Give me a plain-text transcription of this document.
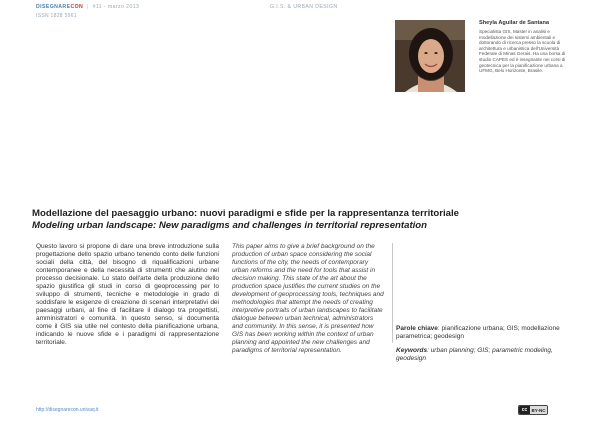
DISEGNARECON | #11 - marzo 2013	G.I.S. & URBAN DESIGN
ISSN 1828 5961
Sheyla Aguilar de Santana
Specialista GIS, Master in analisi e modellazione dei sistemi ambientali e dottorando di ricerca presso la scuola di architettura e urbanistica dell'Università Federale di Minas Gerais. Ha una borsa di studio CAPES ed è insegnante nei corsi di geotecnica per la pianificazione urbana a UFMG, Belo Horizonte, Brasile.
Modellazione del paesaggio urbano: nuovi paradigmi e sfide per la rappresentanza territoriale
Modeling urban landscape: New paradigms and challenges in territorial representation
Questo lavoro si propone di dare una breve introduzione sulla progettazione dello spazio urbano tenendo conto delle funzioni sociali della città, del bisogno di riqualificazioni urbane contemporanee e della necessità di strumenti che aiutino nel processo decisionale. Lo stato dell'arte della produzione dello spazio giustifica gli studi in corso di geoprocessing per lo sviluppo di strumenti, tecniche e metodologie in grado di soddisfare le esigenze di creazione di scenari interpretativi dei paesaggi urbani, al fine di facilitare il dialogo tra progettisti, amministratori e comunità. In questo senso, si documenta come il GIS sia utile nel contesto della pianificazione urbana, indicando le nuove sfide e i paradigmi di rappresentazione territoriale.
This paper aims to give a brief background on the production of urban space considering the social functions of the city, the needs of contemporary urban reforms and the need for tools that assist in decision making. This state of the art about the production space justifies the current studies on the development of geoprocessing tools, techniques and methodologies that attempt the needs of creating interpretive portraits of urban landscapes to facilitate dialogue between urban technical, administrators and community. In this sense, it is presented how GIS has been working within the context of urban planning and appointed the new challenges and paradigms of territorial representation.
Parole chiave: pianificazione urbana; GIS; modellazione parametrica; geodesign
Keywords: urban planning; GIS; parametric modeling, geodesign
http://disegnarecon.univaq.it	cc BY-NC
